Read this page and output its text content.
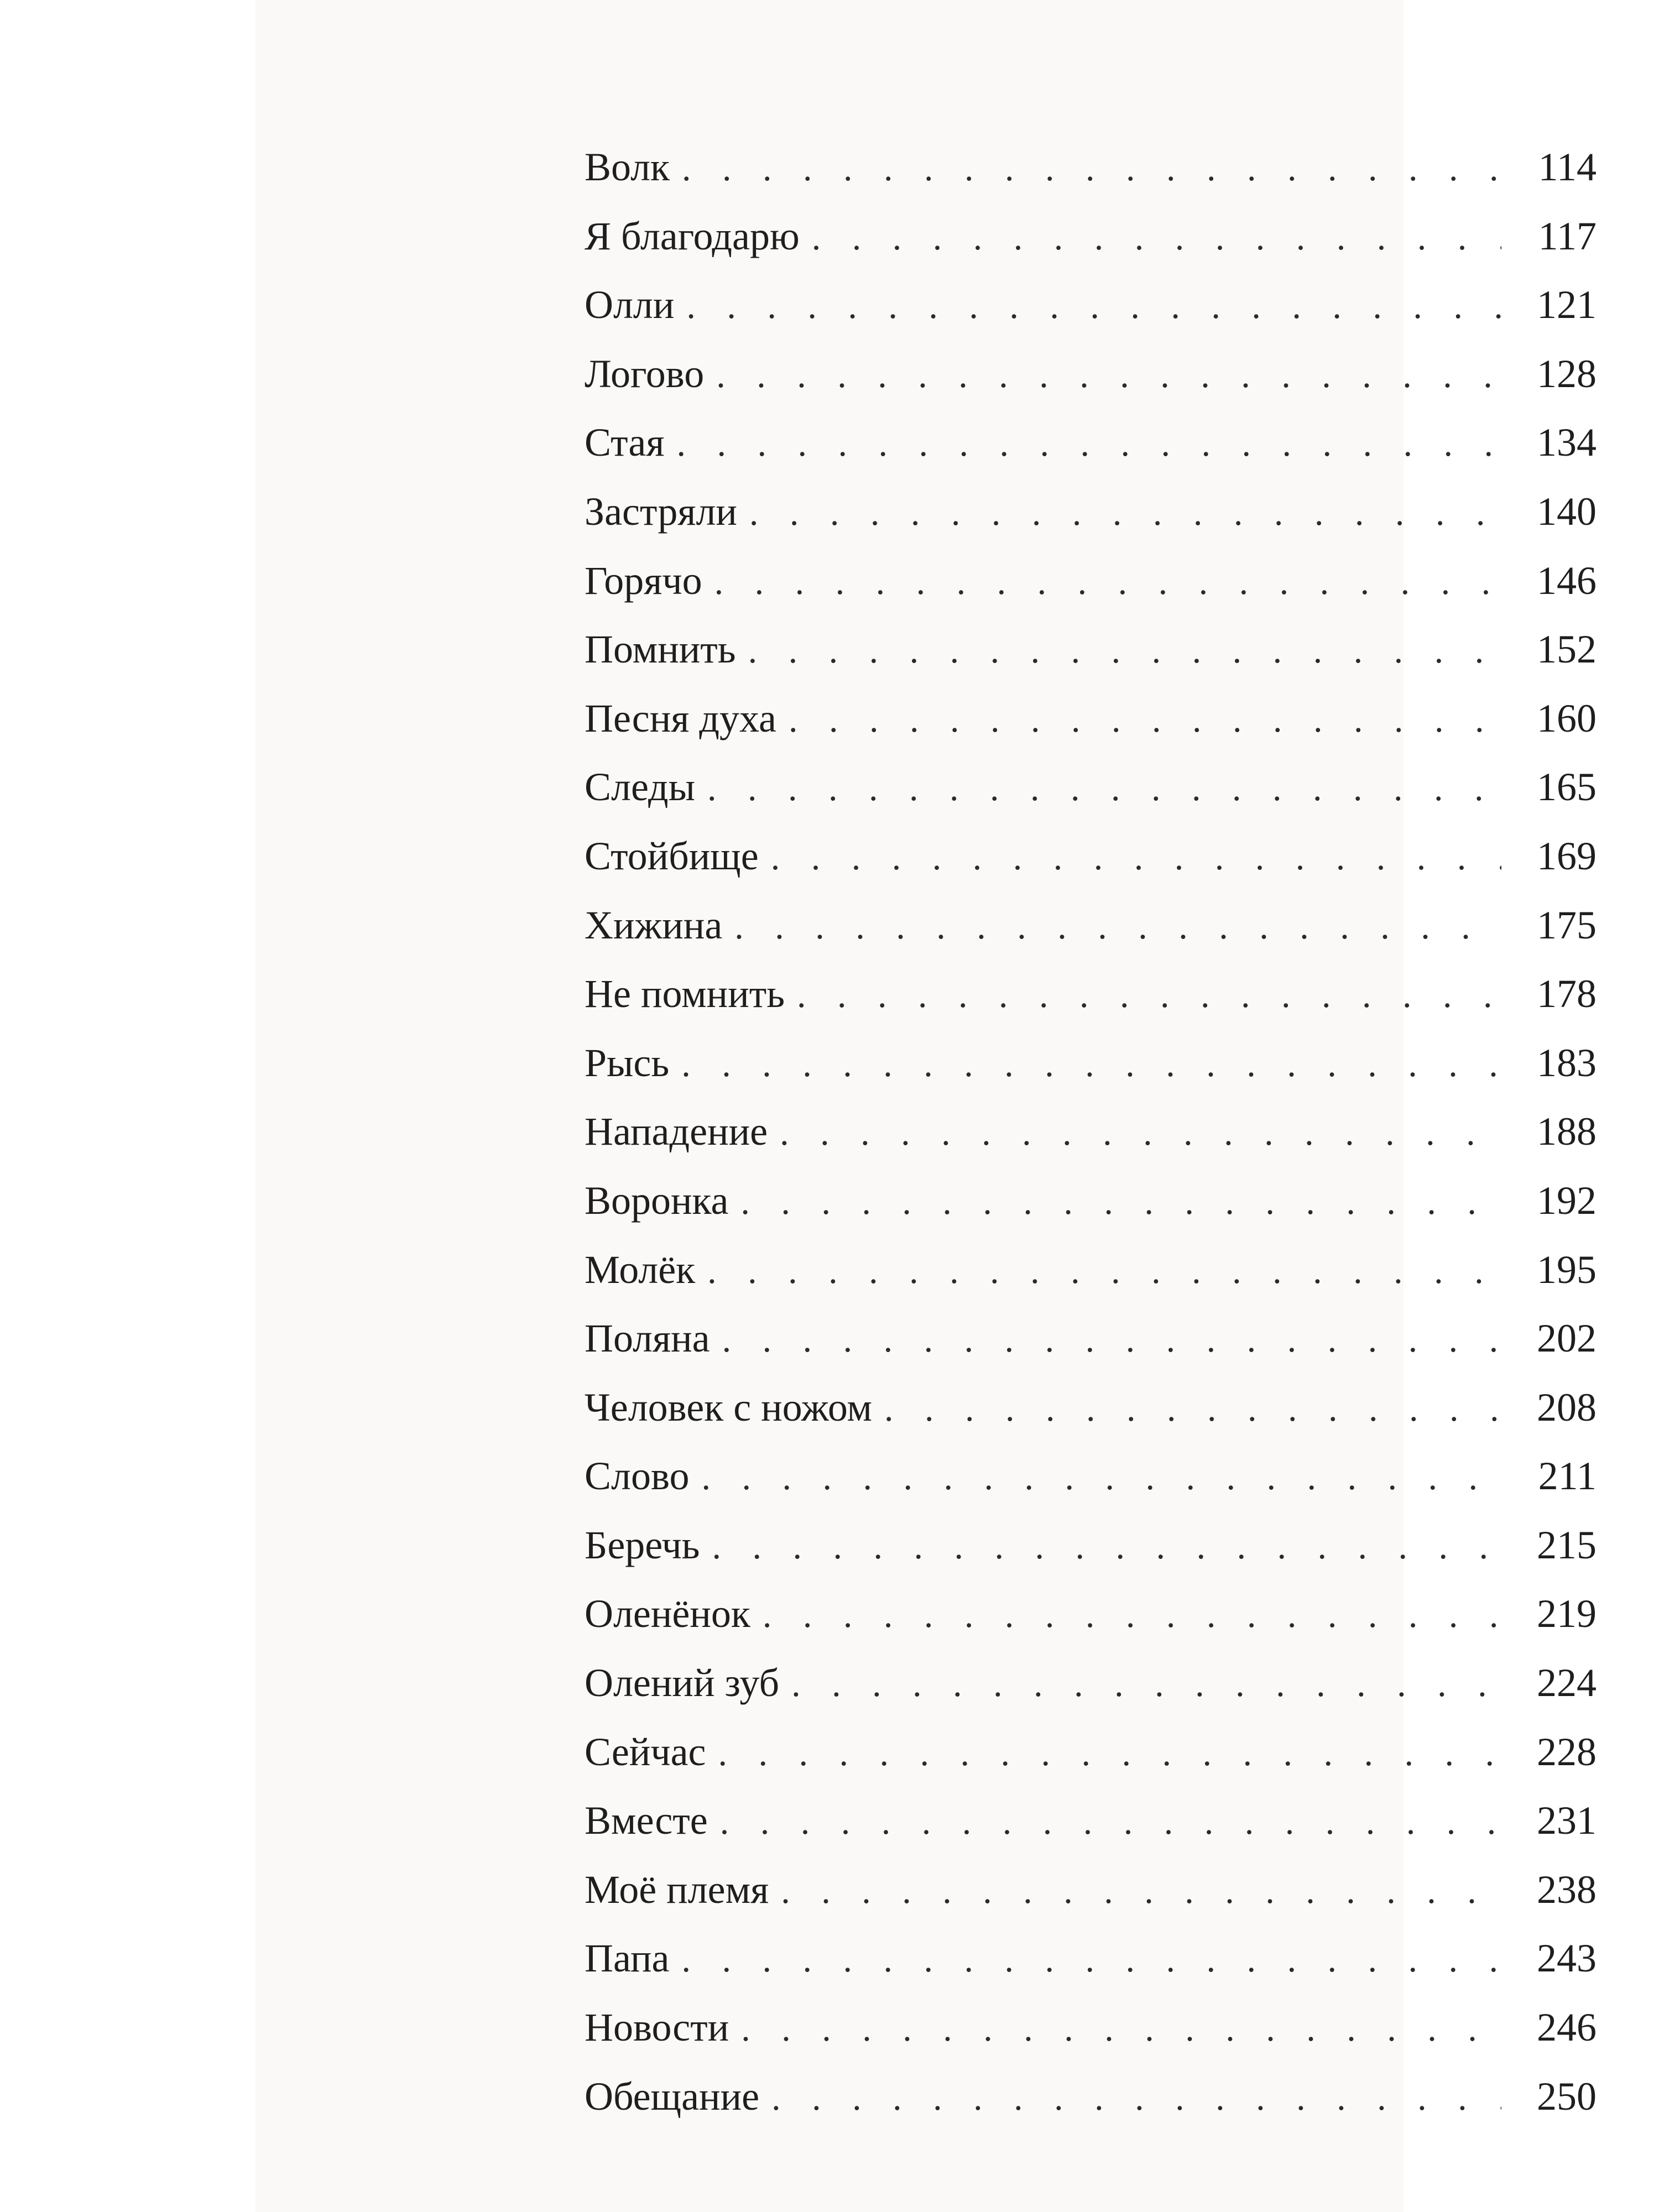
Волк . . .	114
Я благодарю . . .	117
Олли . . .	121
Логово . . .	128
Стая . . .	134
Застряли . . .	140
Горячо . . .	146
Помнить . . .	152
Песня духа . . .	160
Следы . . .	165
Стойбище . . .	169
Хижина . . .	175
Не помнить . . .	178
Рысь . . .	183
Нападение . . .	188
Воронка . . .	192
Молёк . . .	195
Поляна . . .	202
Человек с ножом . . .	208
Слово . . .	211
Беречь . . .	215
Оленёнок . . .	219
Олений зуб . . .	224
Сейчас . . .	228
Вместе . . .	231
Моё племя . . .	238
Папа . . .	243
Новости . . .	246
Обещание . . .	250
